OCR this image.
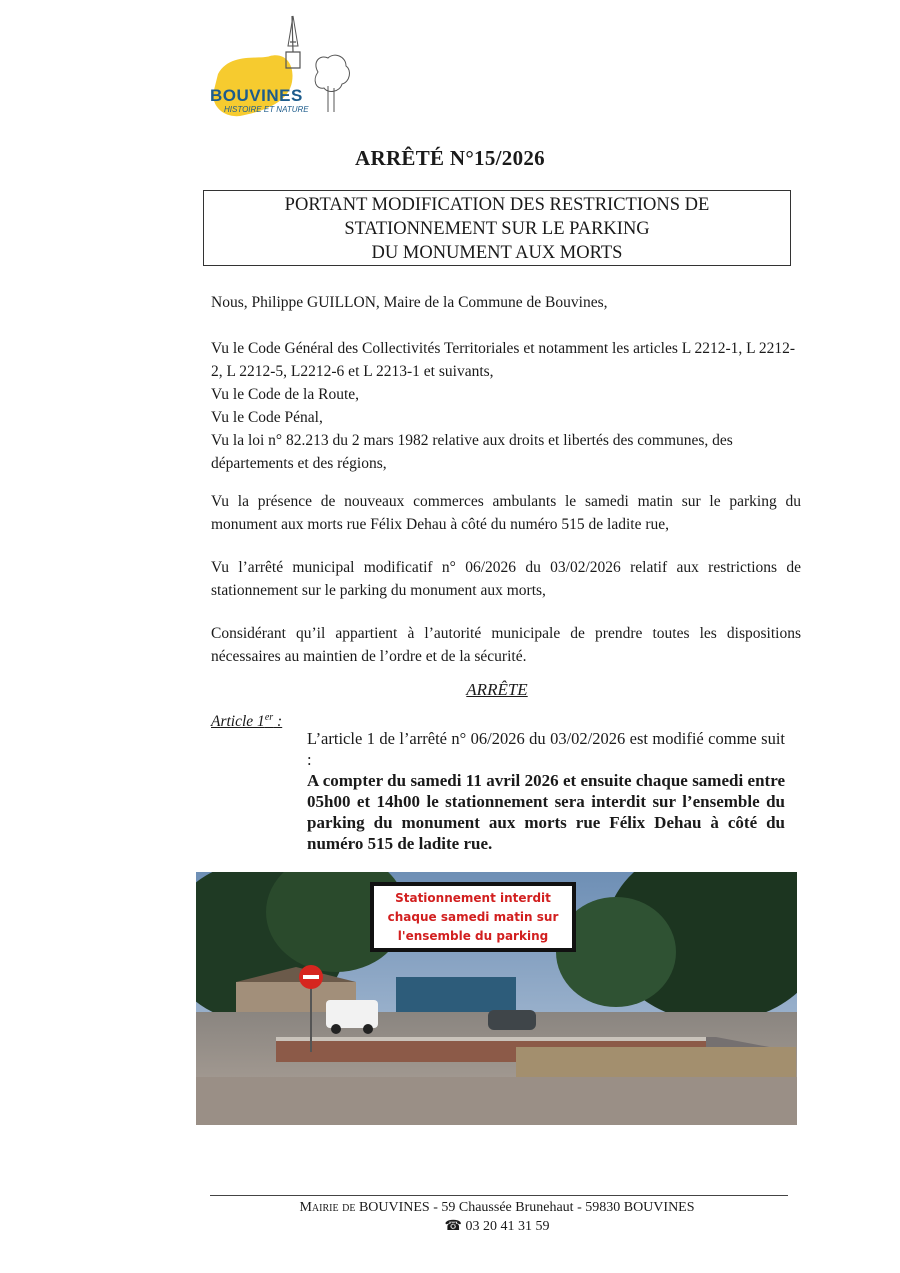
BOUVINES
HISTOIRE ET NATURE
ARRÊTÉ N°15/2026
PORTANT MODIFICATION DES RESTRICTIONS DE
STATIONNEMENT SUR LE PARKING
DU MONUMENT AUX MORTS
Nous, Philippe GUILLON, Maire de la Commune de Bouvines,
Vu le Code Général des Collectivités Territoriales et notamment les articles L 2212-1, L 2212-2, L 2212-5, L2212-6 et L 2213-1 et suivants,
Vu le Code de la Route,
Vu le Code Pénal,
Vu la loi n° 82.213 du 2 mars 1982 relative aux droits et libertés des communes, des départements et des régions,
Vu la présence de nouveaux commerces ambulants le samedi matin sur le parking du monument aux morts rue Félix Dehau à côté du numéro 515 de ladite rue,
Vu l’arrêté municipal modificatif n° 06/2026 du 03/02/2026 relatif aux restrictions de stationnement sur le parking du monument aux morts,
Considérant qu’il appartient à l’autorité municipale de prendre toutes les dispositions nécessaires au maintien de l’ordre et de la sécurité.
ARRÊTE
Article 1er :
L’article 1 de l’arrêté n° 06/2026 du 03/02/2026 est modifié comme suit :
A compter du samedi 11 avril 2026 et ensuite chaque samedi entre 05h00 et 14h00 le stationnement sera interdit sur l’ensemble du parking du monument aux morts rue Félix Dehau à côté du numéro 515 de ladite rue.
Stationnement interdit
chaque samedi matin sur
l'ensemble du parking
Mairie de BOUVINES - 59 Chaussée Brunehaut - 59830 BOUVINES
☎ 03 20 41 31 59
